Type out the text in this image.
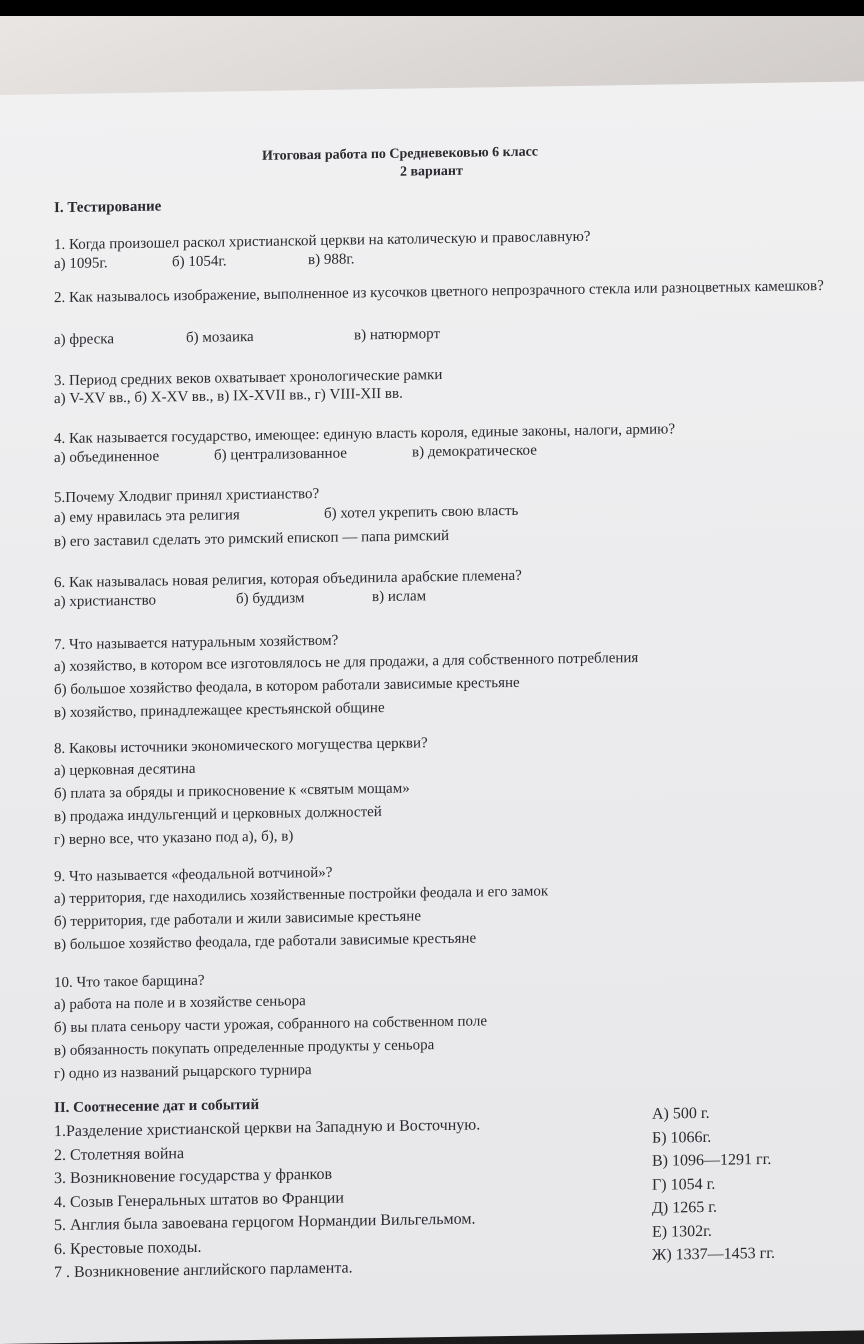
Итоговая работа по Средневековью 6 класс
2 вариант
I. Тестирование
1. Когда произошел раскол христианской церкви на католическую и православную?
а) 1095г.	б) 1054г.	в) 988г.
2. Как называлось изображение, выполненное из кусочков цветного непрозрачного стекла или разноцветных камешков?
а) фреска	б) мозаика	в) натюрморт
3. Период средних веков охватывает хронологические рамки
а) V-XV вв., б) X-XV вв., в) IX-XVII вв., г) VIII-XII вв.
4. Как называется государство, имеющее: единую власть короля, единые законы, налоги, армию?
а) объединенное	б) централизованное	в) демократическое
5.Почему Хлодвиг принял христианство?
а) ему нравилась эта религия	б) хотел укрепить свою власть
в) его заставил сделать это римский епископ — папа римский
6. Как называлась новая религия, которая объединила арабские племена?
а) христианство	б) буддизм	в) ислам
7. Что называется натуральным хозяйством?
а) хозяйство, в котором все изготовлялось не для продажи, а для собственного потребления
б) большое хозяйство феодала, в котором работали зависимые крестьяне
в) хозяйство, принадлежащее крестьянской общине
8. Каковы источники экономического могущества церкви?
а) церковная десятина
б) плата за обряды и прикосновение к «святым мощам»
в) продажа индульгенций и церковных должностей
г) верно все, что указано под а), б), в)
9. Что называется «феодальной вотчиной»?
а) территория, где находились хозяйственные постройки феодала и его замок
б) территория, где работали и жили зависимые крестьяне
в) большое хозяйство феодала, где работали зависимые крестьяне
10. Что такое барщина?
а) работа на поле и в хозяйстве сеньора
б) вы плата сеньору части урожая, собранного на собственном поле
в) обязанность покупать определенные продукты у сеньора
г) одно из названий рыцарского турнира
II. Соотнесение дат и событий
1.Разделение христианской церкви на Западную и Восточную.
2. Столетняя война
3. Возникновение государства у франков
4. Созыв Генеральных штатов во Франции
5. Англия была завоевана герцогом Нормандии Вильгельмом.
6. Крестовые походы.
7 . Возникновение английского парламента.
А) 500 г.
Б) 1066г.
В) 1096—1291 гг.
Г) 1054 г.
Д) 1265 г.
Е) 1302г.
Ж) 1337—1453 гг.
